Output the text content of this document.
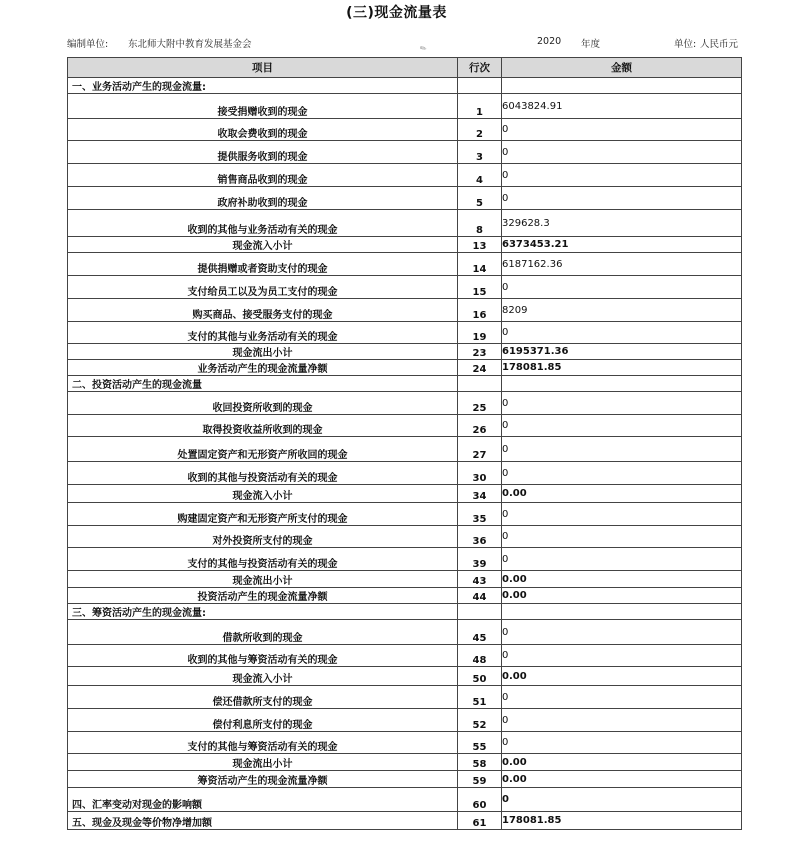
(三)现金流量表
编制单位: 东北师大附中教育发展基金会	✎
2020 年度	单位: 人民币元
项目	行次	金额
一、业务活动产生的现金流量:		
接受捐赠收到的现金	1	6043824.91
收取会费收到的现金	2	0
提供服务收到的现金	3	0
销售商品收到的现金	4	0
政府补助收到的现金	5	0
收到的其他与业务活动有关的现金	8	329628.3
现金流入小计	13	6373453.21
提供捐赠或者资助支付的现金	14	6187162.36
支付给员工以及为员工支付的现金	15	0
购买商品、接受服务支付的现金	16	8209
支付的其他与业务活动有关的现金	19	0
现金流出小计	23	6195371.36
业务活动产生的现金流量净额	24	178081.85
二、投资活动产生的现金流量		
收回投资所收到的现金	25	0
取得投资收益所收到的现金	26	0
处置固定资产和无形资产所收回的现金	27	0
收到的其他与投资活动有关的现金	30	0
现金流入小计	34	0.00
购建固定资产和无形资产所支付的现金	35	0
对外投资所支付的现金	36	0
支付的其他与投资活动有关的现金	39	0
现金流出小计	43	0.00
投资活动产生的现金流量净额	44	0.00
三、筹资活动产生的现金流量:		
借款所收到的现金	45	0
收到的其他与筹资活动有关的现金	48	0
现金流入小计	50	0.00
偿还借款所支付的现金	51	0
偿付利息所支付的现金	52	0
支付的其他与筹资活动有关的现金	55	0
现金流出小计	58	0.00
筹资活动产生的现金流量净额	59	0.00
四、汇率变动对现金的影响额	60	0
五、现金及现金等价物净增加额	61	178081.85
